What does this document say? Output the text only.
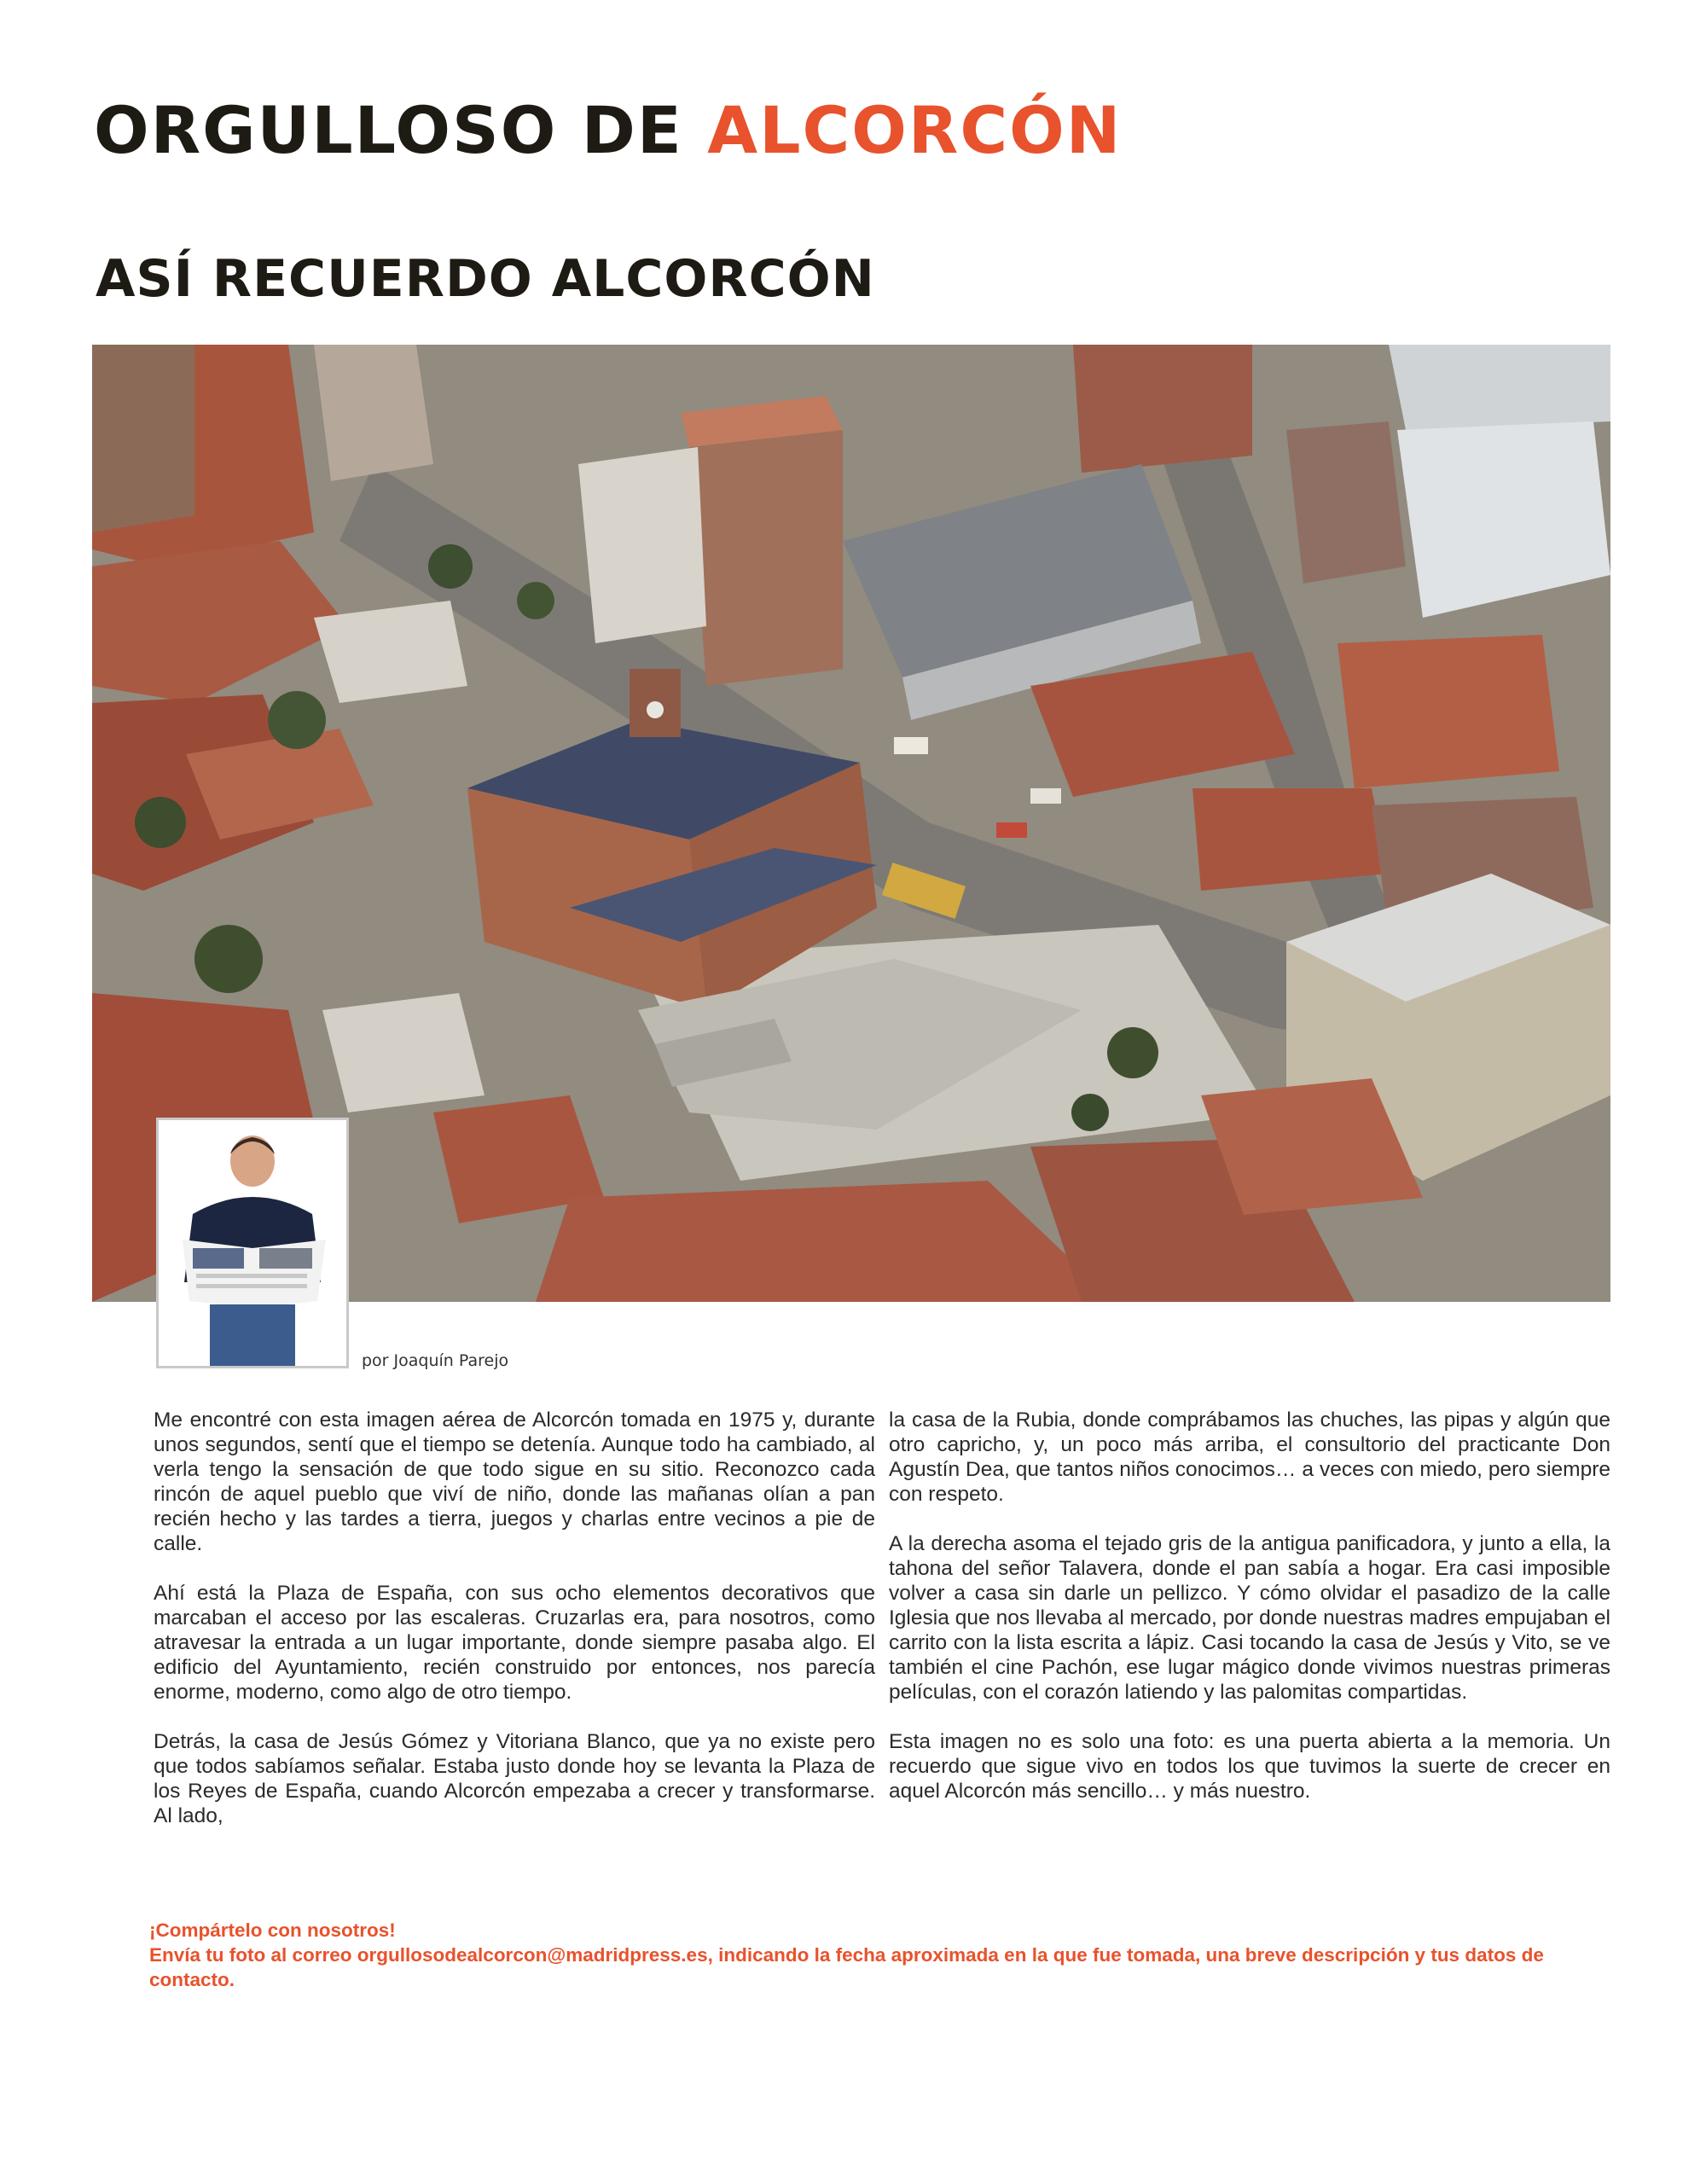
ORGULLOSO DE ALCORCÓN
ASÍ RECUERDO ALCORCÓN
por Joaquín Parejo

Me encontré con esta imagen aérea de Alcorcón tomada en 1975 y, durante unos segundos, sentí que el tiempo se detenía. Aunque todo ha cambiado, al verla tengo la sensación de que todo sigue en su sitio. Reconozco cada rincón de aquel pueblo que viví de niño, donde las mañanas olían a pan recién hecho y las tardes a tierra, juegos y charlas entre vecinos a pie de calle.

Ahí está la Plaza de España, con sus ocho elementos decorativos que marcaban el acceso por las escaleras. Cruzarlas era, para nosotros, como atravesar la entrada a un lugar importante, donde siempre pasaba algo. El edificio del Ayuntamiento, recién construido por entonces, nos parecía enorme, moderno, como algo de otro tiempo.

Detrás, la casa de Jesús Gómez y Vitoriana Blanco, que ya no existe pero que todos sabíamos señalar. Estaba justo donde hoy se levanta la Plaza de los Reyes de España, cuando Alcorcón empezaba a crecer y transformarse. Al lado,

la casa de la Rubia, donde comprábamos las chuches, las pipas y algún que otro capricho, y, un poco más arriba, el consultorio del practicante Don Agustín Dea, que tantos niños conocimos… a veces con miedo, pero siempre con respeto.

A la derecha asoma el tejado gris de la antigua panificadora, y junto a ella, la tahona del señor Talavera, donde el pan sabía a hogar. Era casi imposible volver a casa sin darle un pellizco. Y cómo olvidar el pasadizo de la calle Iglesia que nos llevaba al mercado, por donde nuestras madres empujaban el carrito con la lista escrita a lápiz. Casi tocando la casa de Jesús y Vito, se ve también el cine Pachón, ese lugar mágico donde vivimos nuestras primeras películas, con el corazón latiendo y las palomitas compartidas.

Esta imagen no es solo una foto: es una puerta abierta a la memoria. Un recuerdo que sigue vivo en todos los que tuvimos la suerte de crecer en aquel Alcorcón más sencillo… y más nuestro.

¡Compártelo con nosotros!

Envía tu foto al correo orgullosodealcorcon@madridpress.es, indicando la fecha aproximada en la que fue tomada, una breve descripción y tus datos de contacto.
